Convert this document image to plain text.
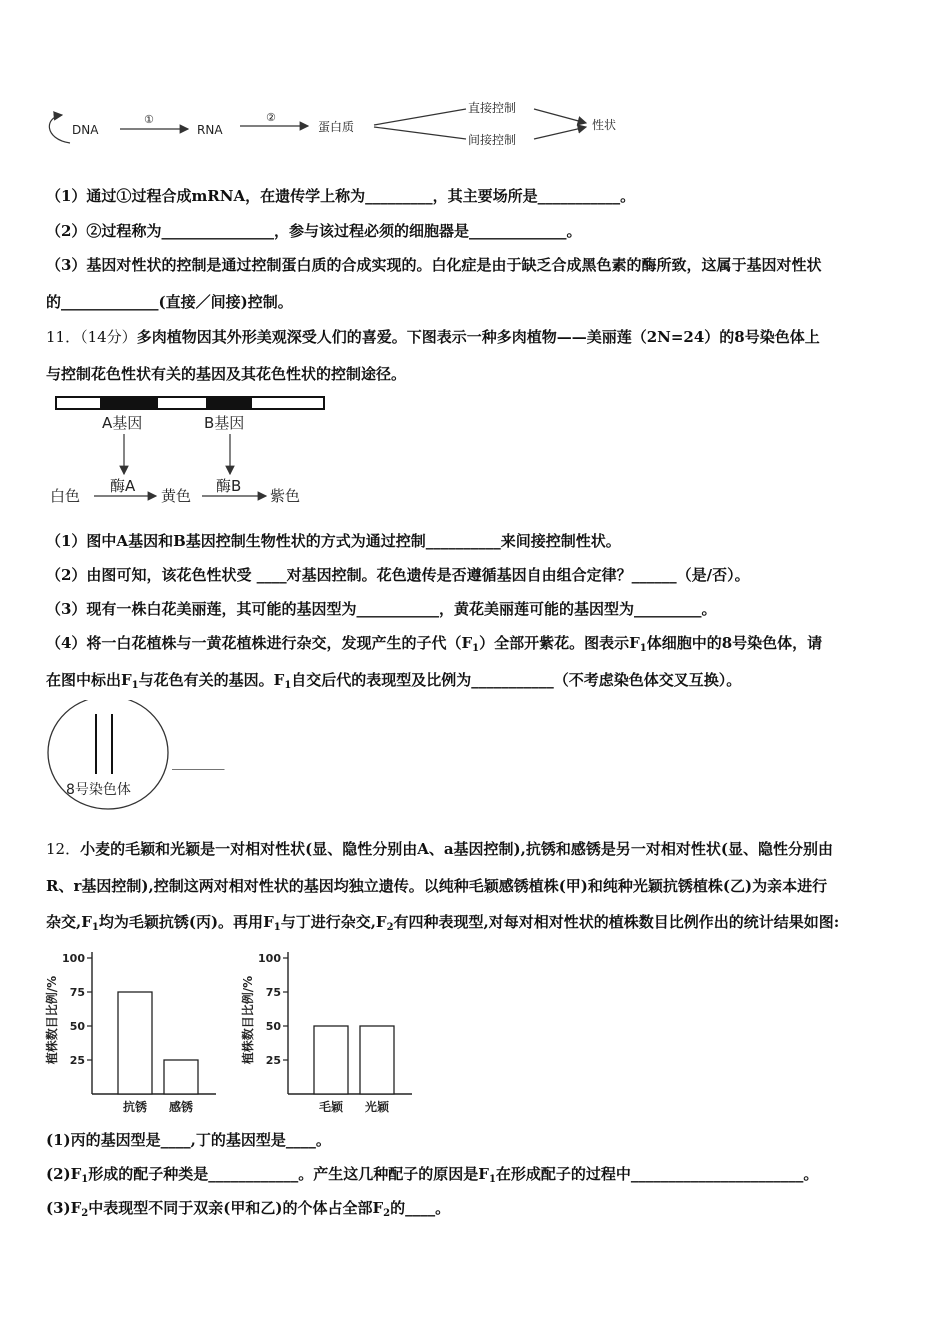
DNA
①
RNA
②
蛋白质
直接控制
间接控制
性状
（1）通过①过程合成mRNA，在遗传学上称为_________，其主要场所是___________。
（2）②过程称为_______________，参与该过程必须的细胞器是_____________。
（3）基因对性状的控制是通过控制蛋白质的合成实现的。白化症是由于缺乏合成黑色素的酶所致，这属于基因对性状
的_____________(直接／间接)控制。
11．（14分）多肉植物因其外形美观深受人们的喜爱。下图表示一种多肉植物——美丽莲（2N=24）的8号染色体上
与控制花色性状有关的基因及其花色性状的控制途径。
A基因	B基因
白色
酶A
黄色
酶B
紫色
（1）图中A基因和B基因控制生物性状的方式为通过控制__________来间接控制性状。
（2）由图可知，该花色性状受 ____对基因控制。花色遗传是否遵循基因自由组合定律？______（是/否）。
（3）现有一株白花美丽莲，其可能的基因型为___________，黄花美丽莲可能的基因型为_________。
（4）将一白花植株与一黄花植株进行杂交，发现产生的子代$(F_1)$全部开紫花。图表示$F_1$体细胞中的8号染色体，请
在图中标出$F_1$与花色有关的基因。$F_1$自交后代的表现型及比例为___________（不考虑染色体交叉互换）。
8号染色体
_______
12．小麦的毛颖和光颖是一对相对性状(显、隐性分别由A、a基因控制),抗锈和感锈是另一对相对性状(显、隐性分别由
R、r基因控制),控制这两对相对性状的基因均独立遗传。以纯种毛颖感锈植株(甲)和纯种光颖抗锈植株(乙)为亲本进行
杂交$,F_1$均为毛颖抗锈(丙)。再用$F_1$与丁进行杂交$,F_2$有四种表现型,对每对相对性状的植株数目比例作出的统计结果如图:
植株数目比例/% 25
50
75
100
抗锈 感锈
植株数目比例/% 25
50
75
100
毛颖 光颖
(1)丙的基因型是____,丁的基因型是____。
$(2)F_1$形成的配子种类是____________。产生这几种配子的原因是$F_1$在形成配子的过程中_______________________。
$(3)F_2$中表现型不同于双亲(甲和乙)的个体占全部$F_2$的____。
